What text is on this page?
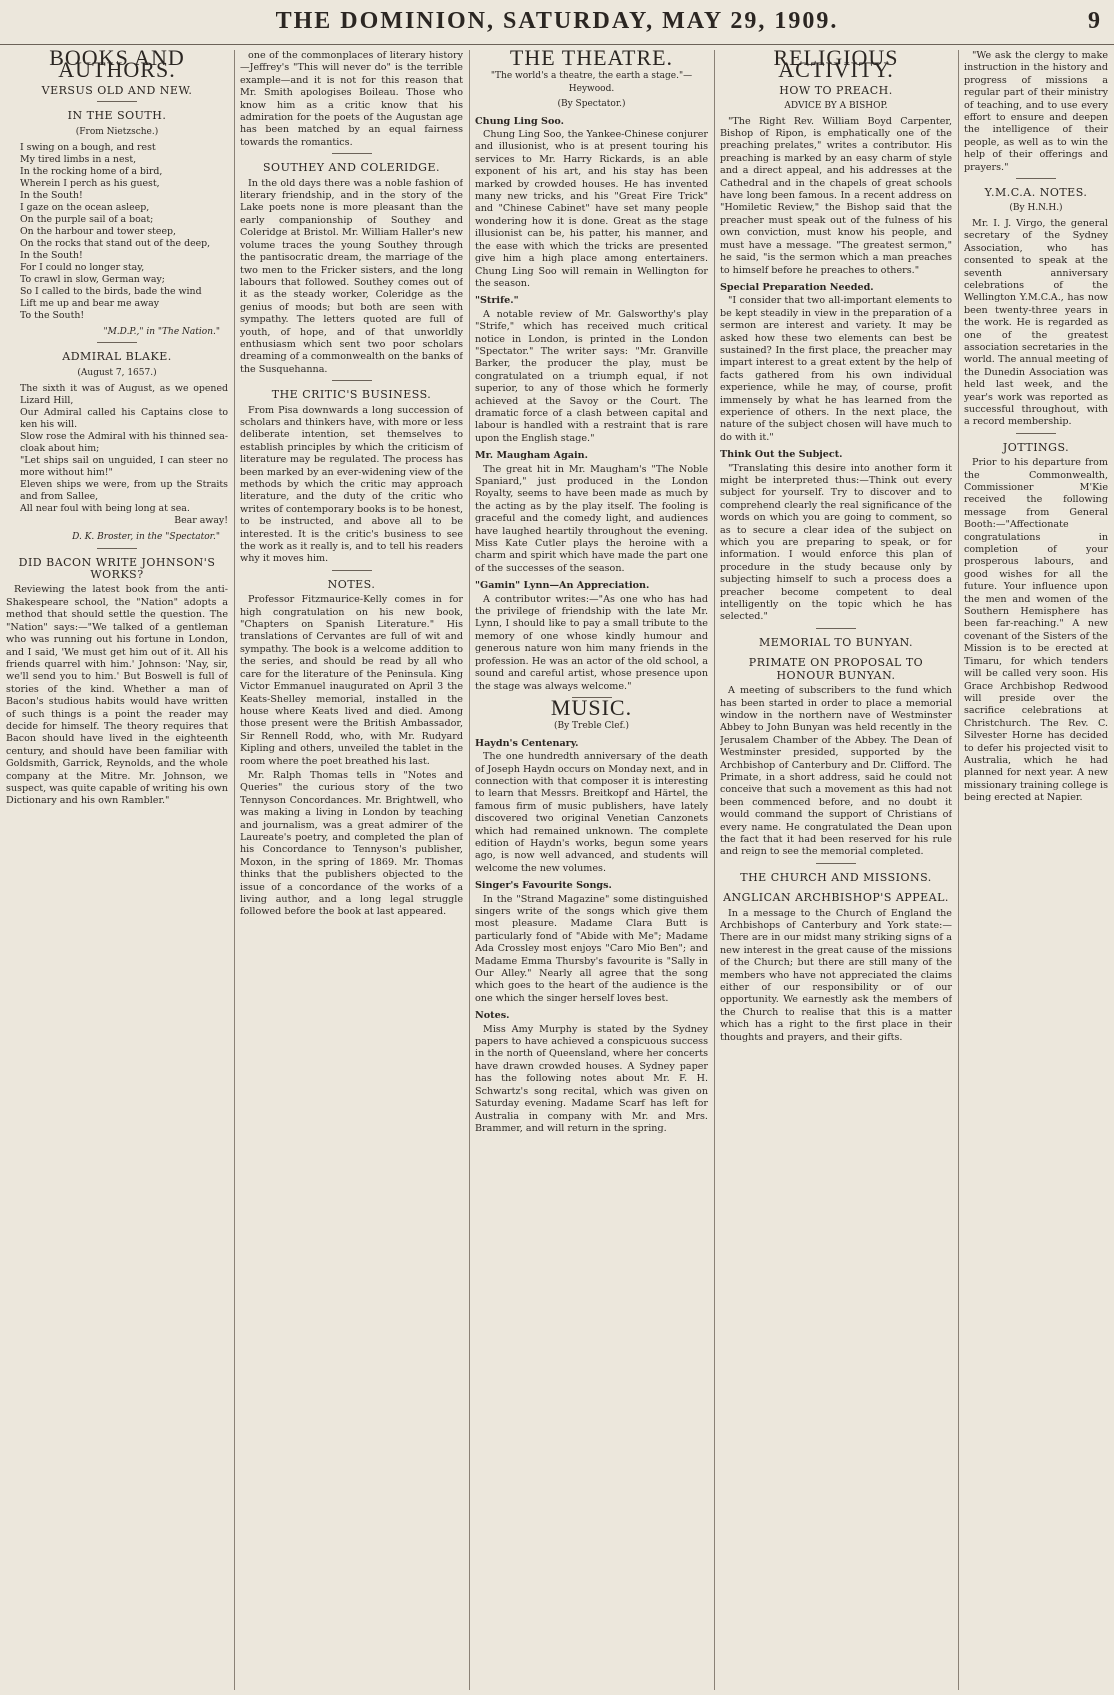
THE DOMINION, SATURDAY, MAY 29, 1909.	9
BOOKS AND AUTHORS.
VERSUS OLD AND NEW.
IN THE SOUTH.
(From Nietzsche.)
I swing on a bough, and rest
My tired limbs in a nest,
In the rocking home of a bird,
Wherein I perch as his guest,
In the South!
I gaze on the ocean asleep,
On the purple sail of a boat;
On the harbour and tower steep,
On the rocks that stand out of the deep,
In the South!
For I could no longer stay,
To crawl in slow, German way;
So I called to the birds, bade the wind
Lift me up and bear me away
To the South!
"M.D.P.," in "The Nation."
ADMIRAL BLAKE.
(August 7, 1657.)
The sixth it was of August, as we opened Lizard Hill,
Our Admiral called his Captains close to ken his will.
Slow rose the Admiral with his thinned sea-cloak about him;
"Let ships sail on unguided, I can steer no more without him!"
Eleven ships we were, from up the Straits and from Sallee,
All near foul with being long at sea.
Bear away!
D. K. Broster, in the "Spectator."
DID BACON WRITE JOHNSON'S WORKS?

Reviewing the latest book from the anti-Shakespeare school, the "Nation" adopts a method that should settle the question. The "Nation" says:—"We talked of a gentleman who was running out his fortune in London, and I said, 'We must get him out of it. All his friends quarrel with him.' Johnson: 'Nay, sir, we'll send you to him.' But Boswell is full of stories of the kind. Whether a man of Bacon's studious habits would have written of such things is a point the reader may decide for himself. The theory requires that Bacon should have lived in the eighteenth century, and should have been familiar with Goldsmith, Garrick, Reynolds, and the whole company at the Mitre. Mr. Johnson, we suspect, was quite capable of writing his own Dictionary and his own Rambler."

one of the commonplaces of literary history—Jeffrey's "This will never do" is the terrible example—and it is not for this reason that Mr. Smith apologises Boileau. Those who know him as a critic know that his admiration for the poets of the Augustan age has been matched by an equal fairness towards the romantics.

SOUTHEY AND COLERIDGE.

In the old days there was a noble fashion of literary friendship, and in the story of the Lake poets none is more pleasant than the early companionship of Southey and Coleridge at Bristol. Mr. William Haller's new volume traces the young Southey through the pantisocratic dream, the marriage of the two men to the Fricker sisters, and the long labours that followed. Southey comes out of it as the steady worker, Coleridge as the genius of moods; but both are seen with sympathy. The letters quoted are full of youth, of hope, and of that unworldly enthusiasm which sent two poor scholars dreaming of a commonwealth on the banks of the Susquehanna.

THE CRITIC'S BUSINESS.

From Pisa downwards a long succession of scholars and thinkers have, with more or less deliberate intention, set themselves to establish principles by which the criticism of literature may be regulated. The process has been marked by an ever-widening view of the methods by which the critic may approach literature, and the duty of the critic who writes of contemporary books is to be honest, to be instructed, and above all to be interested. It is the critic's business to see the work as it really is, and to tell his readers why it moves him.

NOTES.

Professor Fitzmaurice-Kelly comes in for high congratulation on his new book, "Chapters on Spanish Literature." His translations of Cervantes are full of wit and sympathy. The book is a welcome addition to the series, and should be read by all who care for the literature of the Peninsula. King Victor Emmanuel inaugurated on April 3 the Keats-Shelley memorial, installed in the house where Keats lived and died. Among those present were the British Ambassador, Sir Rennell Rodd, who, with Mr. Rudyard Kipling and others, unveiled the tablet in the room where the poet breathed his last.

Mr. Ralph Thomas tells in "Notes and Queries" the curious story of the two Tennyson Concordances. Mr. Brightwell, who was making a living in London by teaching and journalism, was a great admirer of the Laureate's poetry, and completed the plan of his Concordance to Tennyson's publisher, Moxon, in the spring of 1869. Mr. Thomas thinks that the publishers objected to the issue of a concordance of the works of a living author, and a long legal struggle followed before the book at last appeared.

THE THEATRE.
"The world's a theatre, the earth a stage."—Heywood.
(By Spectator.)
Chung Ling Soo.

Chung Ling Soo, the Yankee-Chinese conjurer and illusionist, who is at present touring his services to Mr. Harry Rickards, is an able exponent of his art, and his stay has been marked by crowded houses. He has invented many new tricks, and his "Great Fire Trick" and "Chinese Cabinet" have set many people wondering how it is done. Great as the stage illusionist can be, his patter, his manner, and the ease with which the tricks are presented give him a high place among entertainers. Chung Ling Soo will remain in Wellington for the season.

"Strife."

A notable review of Mr. Galsworthy's play "Strife," which has received much critical notice in London, is printed in the London "Spectator." The writer says: "Mr. Granville Barker, the producer the play, must be congratulated on a triumph equal, if not superior, to any of those which he formerly achieved at the Savoy or the Court. The dramatic force of a clash between capital and labour is handled with a restraint that is rare upon the English stage."

Mr. Maugham Again.

The great hit in Mr. Maugham's "The Noble Spaniard," just produced in the London Royalty, seems to have been made as much by the acting as by the play itself. The fooling is graceful and the comedy light, and audiences have laughed heartily throughout the evening. Miss Kate Cutler plays the heroine with a charm and spirit which have made the part one of the successes of the season.

"Gamin" Lynn—An Appreciation.

A contributor writes:—"As one who has had the privilege of friendship with the late Mr. Lynn, I should like to pay a small tribute to the memory of one whose kindly humour and generous nature won him many friends in the profession. He was an actor of the old school, a sound and careful artist, whose presence upon the stage was always welcome."

MUSIC.
(By Treble Clef.)
Haydn's Centenary.

The one hundredth anniversary of the death of Joseph Haydn occurs on Monday next, and in connection with that composer it is interesting to learn that Messrs. Breitkopf and Härtel, the famous firm of music publishers, have lately discovered two original Venetian Canzonets which had remained unknown. The complete edition of Haydn's works, begun some years ago, is now well advanced, and students will welcome the new volumes.

Singer's Favourite Songs.

In the "Strand Magazine" some distinguished singers write of the songs which give them most pleasure. Madame Clara Butt is particularly fond of "Abide with Me"; Madame Ada Crossley most enjoys "Caro Mio Ben"; and Madame Emma Thursby's favourite is "Sally in Our Alley." Nearly all agree that the song which goes to the heart of the audience is the one which the singer herself loves best.

Notes.

Miss Amy Murphy is stated by the Sydney papers to have achieved a conspicuous success in the north of Queensland, where her concerts have drawn crowded houses. A Sydney paper has the following notes about Mr. F. H. Schwartz's song recital, which was given on Saturday evening. Madame Scarf has left for Australia in company with Mr. and Mrs. Brammer, and will return in the spring.

RELIGIOUS ACTIVITY.
HOW TO PREACH.
ADVICE BY A BISHOP.

"The Right Rev. William Boyd Carpenter, Bishop of Ripon, is emphatically one of the preaching prelates," writes a contributor. His preaching is marked by an easy charm of style and a direct appeal, and his addresses at the Cathedral and in the chapels of great schools have long been famous. In a recent address on "Homiletic Review," the Bishop said that the preacher must speak out of the fulness of his own conviction, must know his people, and must have a message. "The greatest sermon," he said, "is the sermon which a man preaches to himself before he preaches to others."

Special Preparation Needed.

"I consider that two all-important elements to be kept steadily in view in the preparation of a sermon are interest and variety. It may be asked how these two elements can best be sustained? In the first place, the preacher may impart interest to a great extent by the help of facts gathered from his own individual experience, while he may, of course, profit immensely by what he has learned from the experience of others. In the next place, the nature of the subject chosen will have much to do with it."

Think Out the Subject.

"Translating this desire into another form it might be interpreted thus:—Think out every subject for yourself. Try to discover and to comprehend clearly the real significance of the words on which you are going to comment, so as to secure a clear idea of the subject on which you are preparing to speak, or for information. I would enforce this plan of procedure in the study because only by subjecting himself to such a process does a preacher become competent to deal intelligently on the topic which he has selected."

MEMORIAL TO BUNYAN.
PRIMATE ON PROPOSAL TO HONOUR BUNYAN.

A meeting of subscribers to the fund which has been started in order to place a memorial window in the northern nave of Westminster Abbey to John Bunyan was held recently in the Jerusalem Chamber of the Abbey. The Dean of Westminster presided, supported by the Archbishop of Canterbury and Dr. Clifford. The Primate, in a short address, said he could not conceive that such a movement as this had not been commenced before, and no doubt it would command the support of Christians of every name. He congratulated the Dean upon the fact that it had been reserved for his rule and reign to see the memorial completed.

THE CHURCH AND MISSIONS.
ANGLICAN ARCHBISHOP'S APPEAL.

In a message to the Church of England the Archbishops of Canterbury and York state:—There are in our midst many striking signs of a new interest in the great cause of the missions of the Church; but there are still many of the members who have not appreciated the claims either of our responsibility or of our opportunity. We earnestly ask the members of the Church to realise that this is a matter which has a right to the first place in their thoughts and prayers, and their gifts.

"We ask the clergy to make instruction in the history and progress of missions a regular part of their ministry of teaching, and to use every effort to ensure and deepen the intelligence of their people, as well as to win the help of their offerings and prayers."

Y.M.C.A. NOTES.
(By H.N.H.)

Mr. I. J. Virgo, the general secretary of the Sydney Association, who has consented to speak at the seventh anniversary celebrations of the Wellington Y.M.C.A., has now been twenty-three years in the work. He is regarded as one of the greatest association secretaries in the world. The annual meeting of the Dunedin Association was held last week, and the year's work was reported as successful throughout, with a record membership.

JOTTINGS.

Prior to his departure from the Commonwealth, Commissioner M'Kie received the following message from General Booth:—"Affectionate congratulations in completion of your prosperous labours, and good wishes for all the future. Your influence upon the men and women of the Southern Hemisphere has been far-reaching." A new covenant of the Sisters of the Mission is to be erected at Timaru, for which tenders will be called very soon. His Grace Archbishop Redwood will preside over the sacrifice celebrations at Christchurch. The Rev. C. Silvester Horne has decided to defer his projected visit to Australia, which he had planned for next year. A new missionary training college is being erected at Napier.
